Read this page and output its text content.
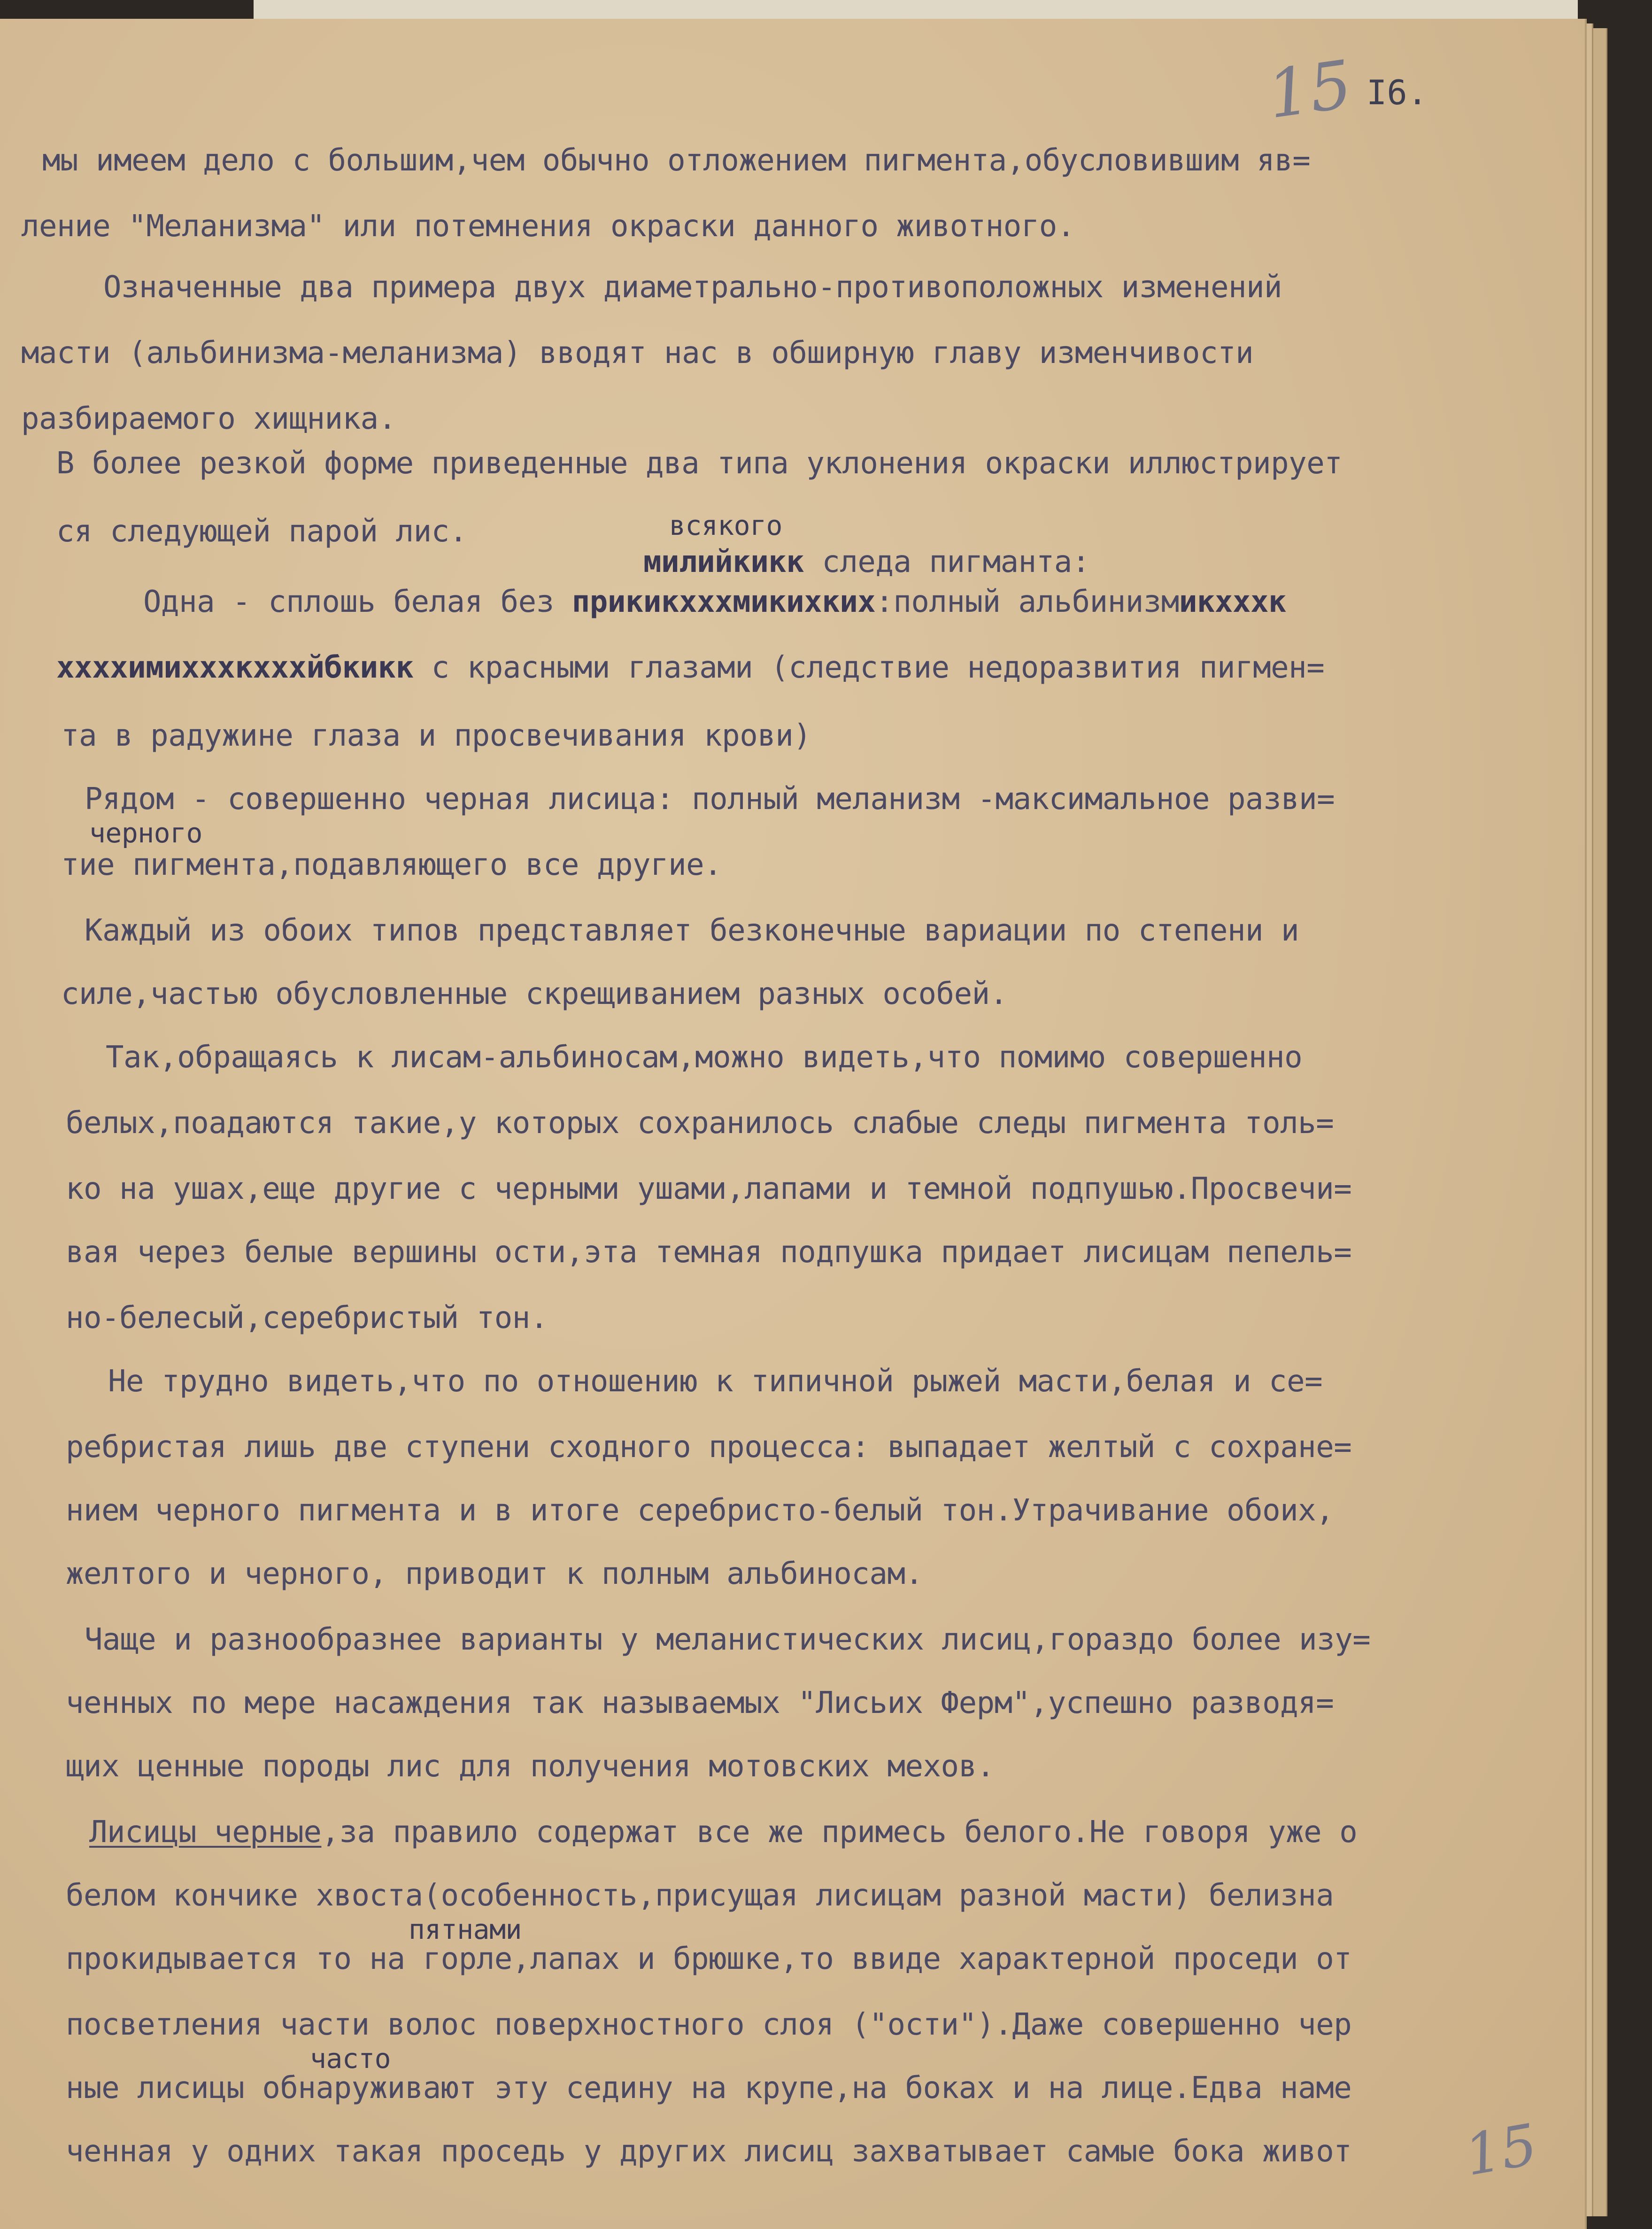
15 I6.

мы имеем дело с большим,чем обычно отложением пигмента,обусловившим яв=

ление "Меланизма" или потемнения окраски данного животного.

Означенные два примера двух диаметрально-противоположных изменений

масти (альбинизма-меланизма) вводят нас в обширную главу изменчивости

разбираемого хищника.

В более резкой форме приведенные два типа уклонения окраски иллюстрирует

ся следующей парой лис.	всякого

милийкикк следа пигманта:

Одна - сплошь белая без прикикхххмикихких:полный альбинизмикхххк

ххххимихххкхххйбкикк с красными глазами (следствие недоразвития пигмен=

та в радужине глаза и просвечивания крови)

Рядом - совершенно черная лисица: полный меланизм -максимальное разви=

черного

тие пигмента,подавляющего все другие.

Каждый из обоих типов представляет безконечные вариации по степени и

силе,частью обусловленные скрещиванием разных особей.

Так,обращаясь к лисам-альбиносам,можно видеть,что помимо совершенно

белых,поадаются такие,у которых сохранилось слабые следы пигмента толь=

ко на ушах,еще другие с черными ушами,лапами и темной подпушью.Просвечи=

вая через белые вершины ости,эта темная подпушка придает лисицам пепель=

но-белесый,серебристый тон.

Не трудно видеть,что по отношению к типичной рыжей масти,белая и се=

ребристая лишь две ступени сходного процесса: выпадает желтый с сохране=

нием черного пигмента и в итоге серебристо-белый тон.Утрачивание обоих,

желтого и черного, приводит к полным альбиносам.

Чаще и разнообразнее варианты у меланистических лисиц,гораздо более изу=

ченных по мере насаждения так называемых "Лисьих Ферм",успешно разводя=

щих ценные породы лис для получения мотовских мехов.

Лисицы черные,за правило содержат все же примесь белого.Не говоря уже о

белом кончике хвоста(особенность,присущая лисицам разной масти) белизна

пятнами

прокидывается то на горле,лапах и брюшке,то ввиде характерной проседи от

посветления части волос поверхностного слоя ("ости").Даже совершенно чер

часто

ные лисицы обнаруживают эту седину на крупе,на боках и на лице.Едва наме

ченная у одних такая проседь у других лисиц захватывает самые бока живот 15
